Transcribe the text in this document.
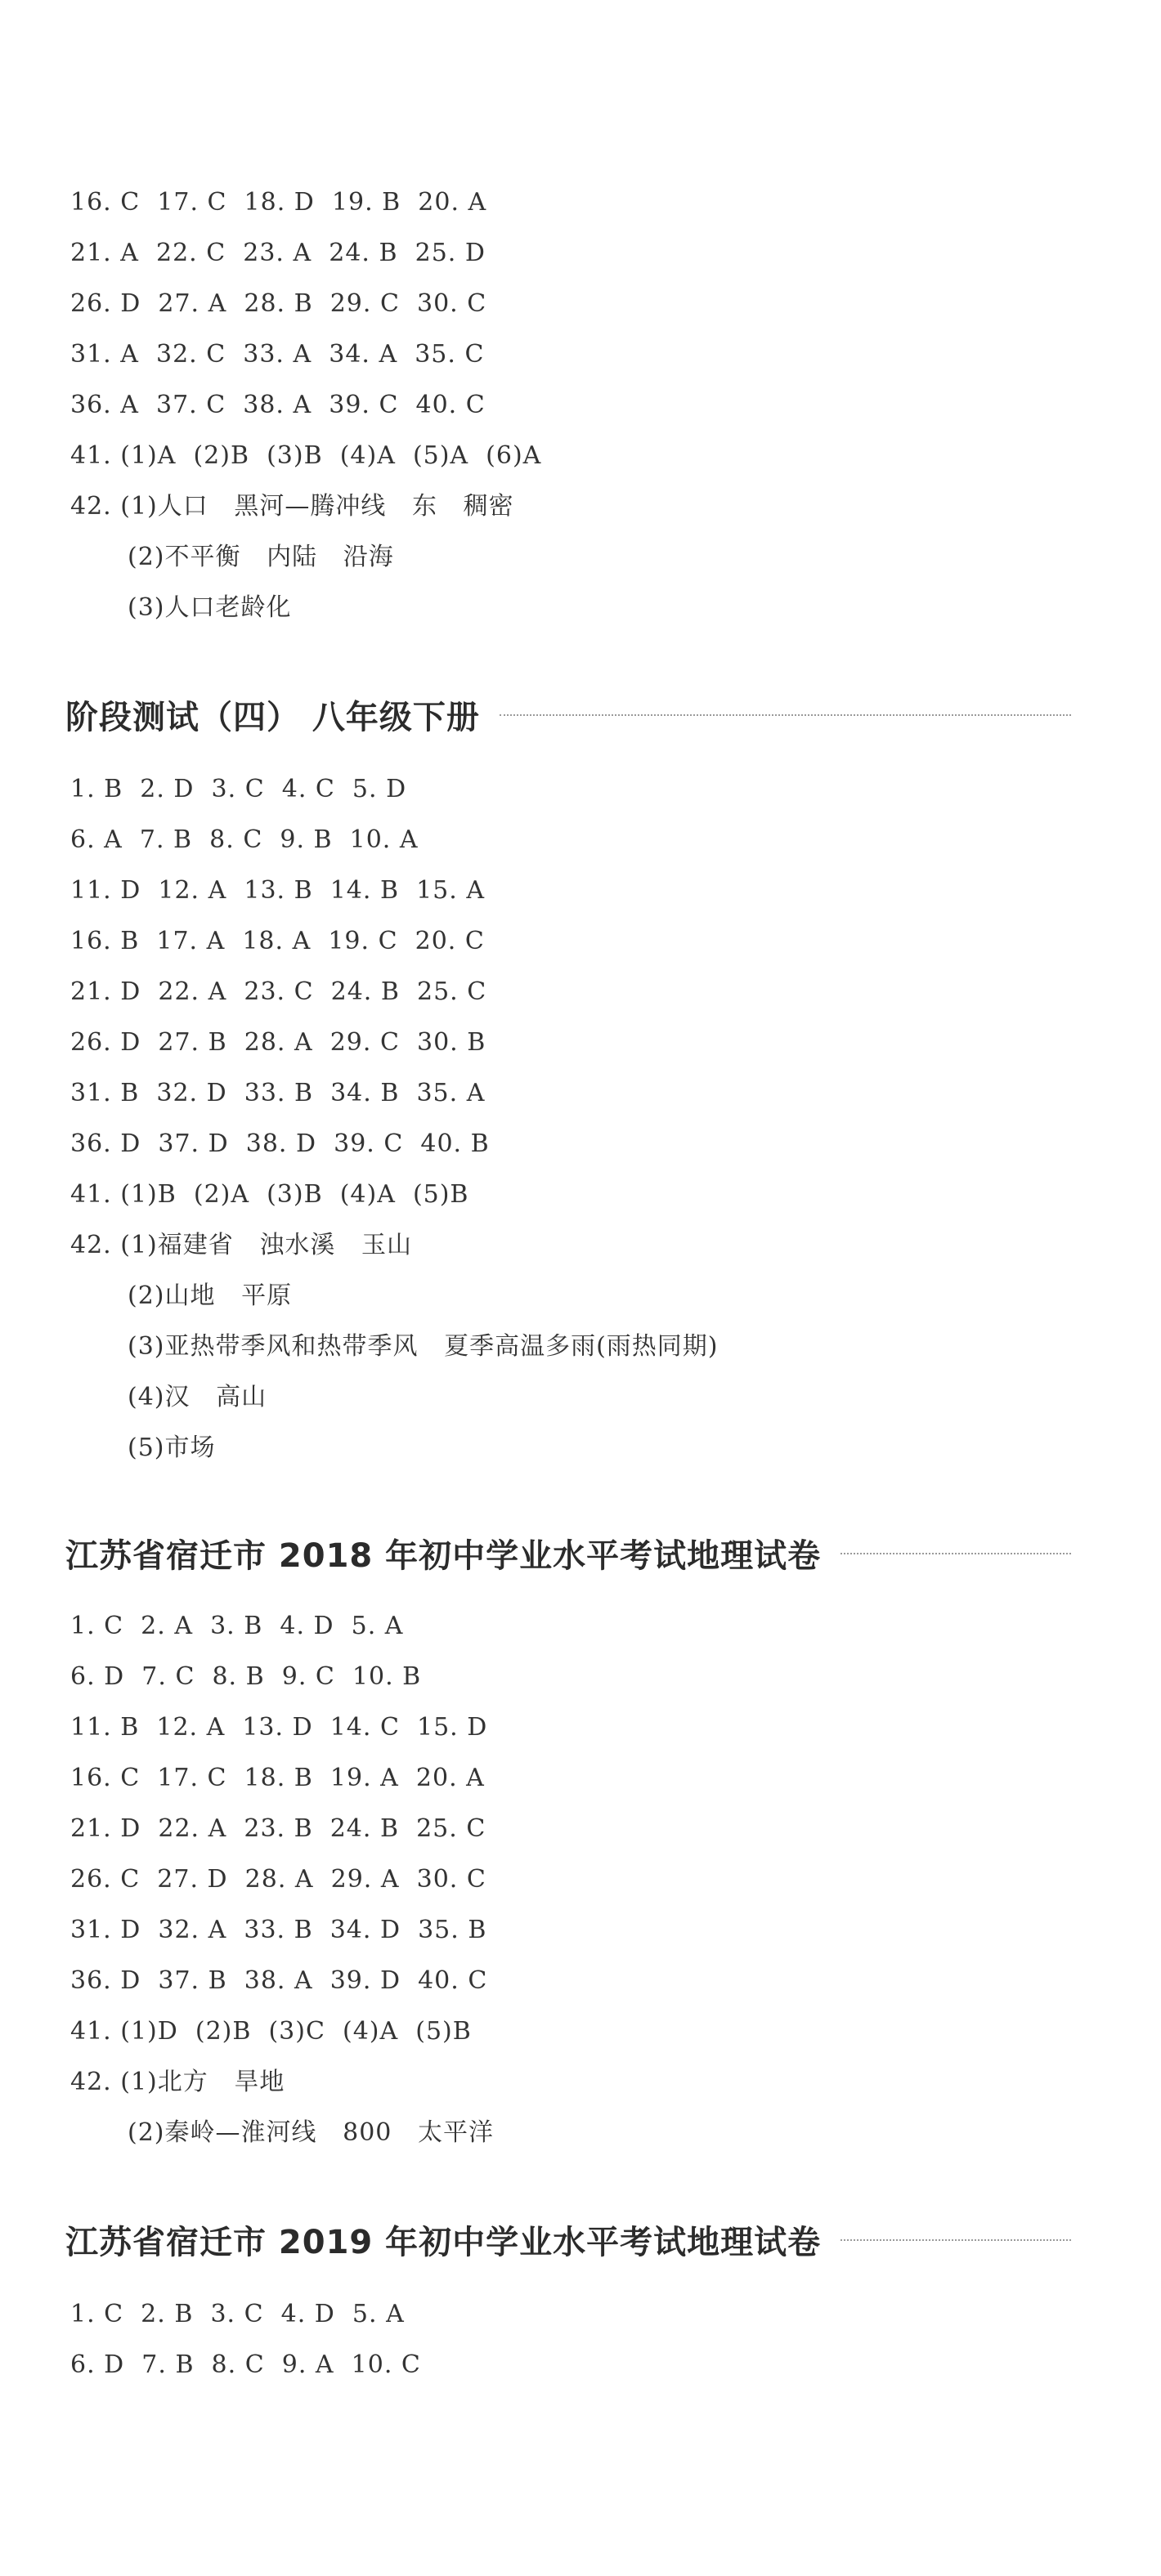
16. C  17. C  18. D  19. B  20. A
21. A  22. C  23. A  24. B  25. D
26. D  27. A  28. B  29. C  30. C
31. A  32. C  33. A  34. A  35. C
36. A  37. C  38. A  39. C  40. C
41. (1)A  (2)B  (3)B  (4)A  (5)A  (6)A
42. (1)人口   黑河—腾冲线   东   稠密
(2)不平衡   内陆   沿海
(3)人口老龄化
阶段测试（四） 八年级下册
1. B  2. D  3. C  4. C  5. D
6. A  7. B  8. C  9. B  10. A
11. D  12. A  13. B  14. B  15. A
16. B  17. A  18. A  19. C  20. C
21. D  22. A  23. C  24. B  25. C
26. D  27. B  28. A  29. C  30. B
31. B  32. D  33. B  34. B  35. A
36. D  37. D  38. D  39. C  40. B
41. (1)B  (2)A  (3)B  (4)A  (5)B
42. (1)福建省   浊水溪   玉山
(2)山地   平原
(3)亚热带季风和热带季风   夏季高温多雨(雨热同期)
(4)汉   高山
(5)市场
江苏省宿迁市 2018 年初中学业水平考试地理试卷
1. C  2. A  3. B  4. D  5. A
6. D  7. C  8. B  9. C  10. B
11. B  12. A  13. D  14. C  15. D
16. C  17. C  18. B  19. A  20. A
21. D  22. A  23. B  24. B  25. C
26. C  27. D  28. A  29. A  30. C
31. D  32. A  33. B  34. D  35. B
36. D  37. B  38. A  39. D  40. C
41. (1)D  (2)B  (3)C  (4)A  (5)B
42. (1)北方   旱地
(2)秦岭—淮河线   800   太平洋
江苏省宿迁市 2019 年初中学业水平考试地理试卷
1. C  2. B  3. C  4. D  5. A
6. D  7. B  8. C  9. A  10. C
